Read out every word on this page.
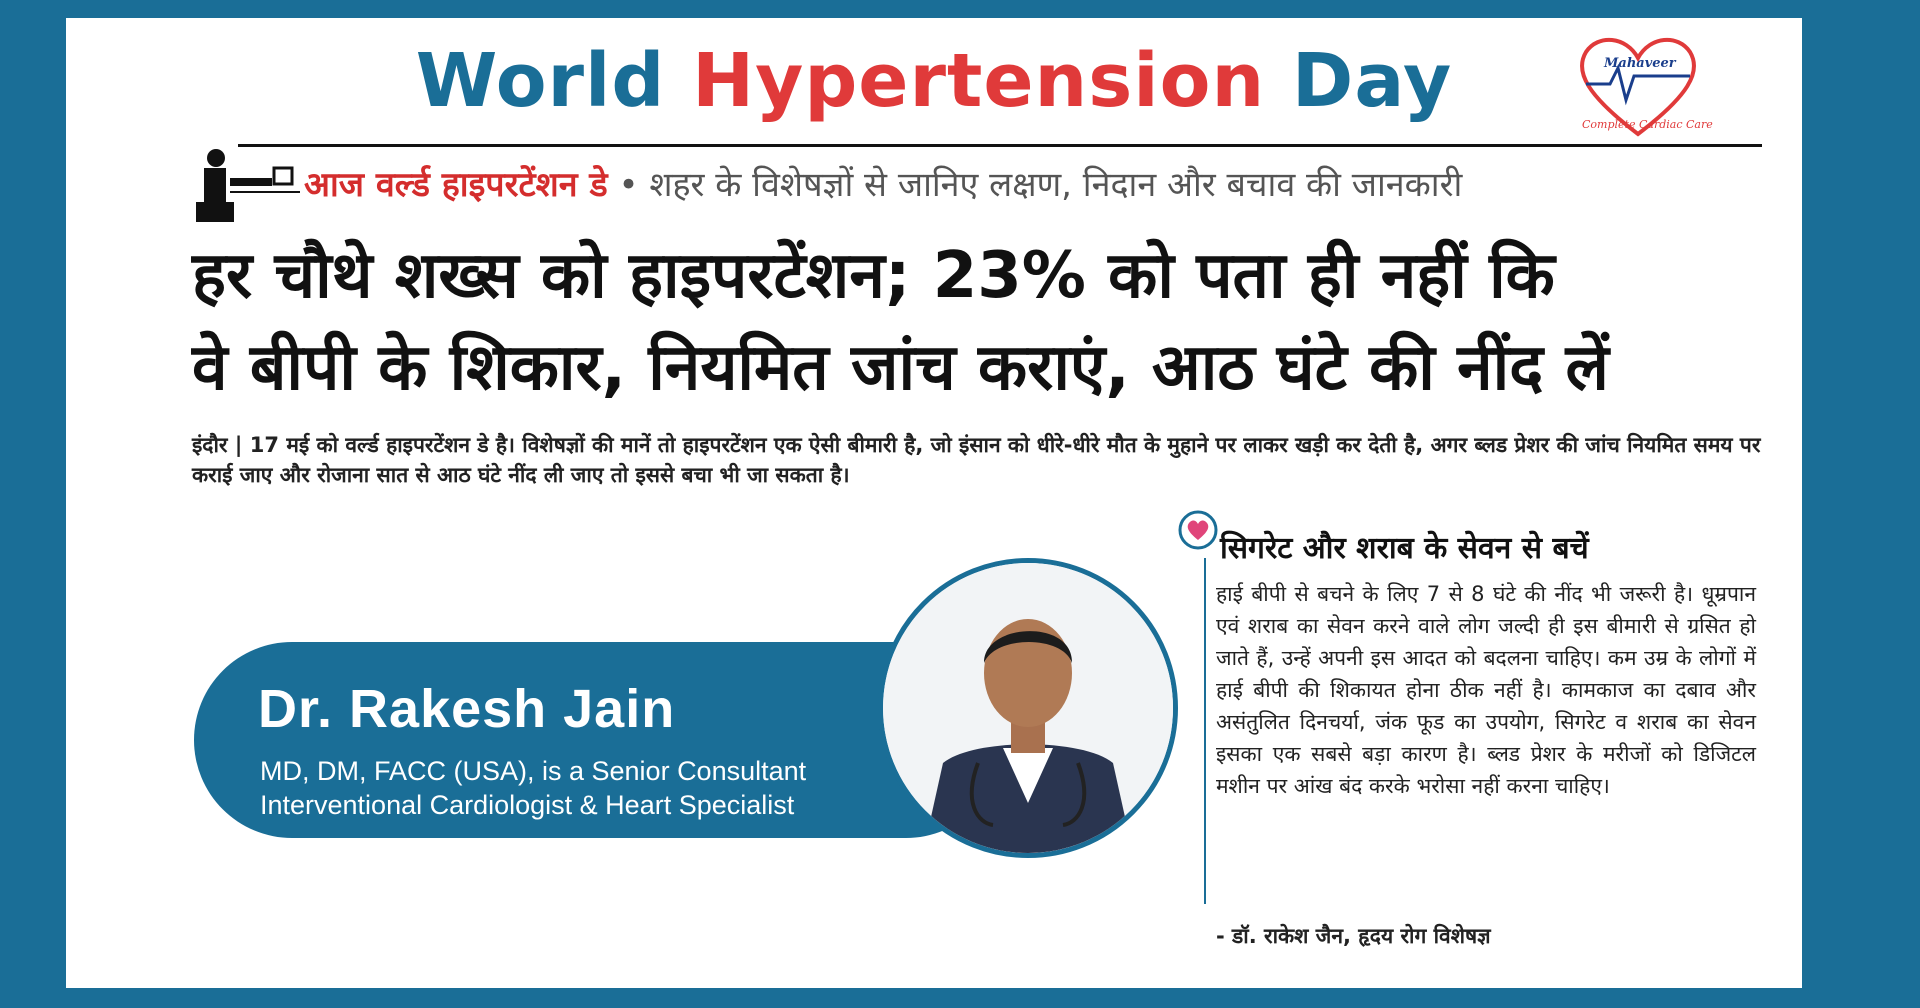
World Hypertension Day	Mahaveer
Complete Cardiac Care
आज वर्ल्ड हाइपरटेंशन डे • शहर के विशेषज्ञों से जानिए लक्षण, निदान और बचाव की जानकारी
हर चौथे शख्स को हाइपरटेंशन; 23% को पता ही नहीं कि
वे बीपी के शिकार, नियमित जांच कराएं, आठ घंटे की नींद लें
इंदौर | 17 मई को वर्ल्ड हाइपरटेंशन डे है। विशेषज्ञों की मानें तो हाइपरटेंशन एक ऐसी बीमारी है, जो इंसान को धीरे-धीरे मौत के मुहाने पर लाकर खड़ी कर देती है, अगर ब्लड प्रेशर की जांच नियमित समय पर कराई जाए और रोजाना सात से आठ घंटे नींद ली जाए तो इससे बचा भी जा सकता है।
सिगरेट और शराब के सेवन से बचें
हाई बीपी से बचने के लिए 7 से 8 घंटे की नींद भी जरूरी है। धूम्रपान एवं शराब का सेवन करने वाले लोग जल्दी ही इस बीमारी से ग्रसित हो जाते हैं, उन्हें अपनी इस आदत को बदलना चाहिए। कम उम्र के लोगों में हाई बीपी की शिकायत होना ठीक नहीं है। कामकाज का दबाव और असंतुलित दिनचर्या, जंक फूड का उपयोग, सिगरेट व शराब का सेवन इसका एक सबसे बड़ा कारण है। ब्लड प्रेशर के मरीजों को डिजिटल मशीन पर आंख बंद करके भरोसा नहीं करना चाहिए।
- डॉ. राकेश जैन, हृदय रोग विशेषज्ञ
Dr. Rakesh Jain
MD, DM, FACC (USA), is a Senior Consultant
Interventional Cardiologist & Heart Specialist
